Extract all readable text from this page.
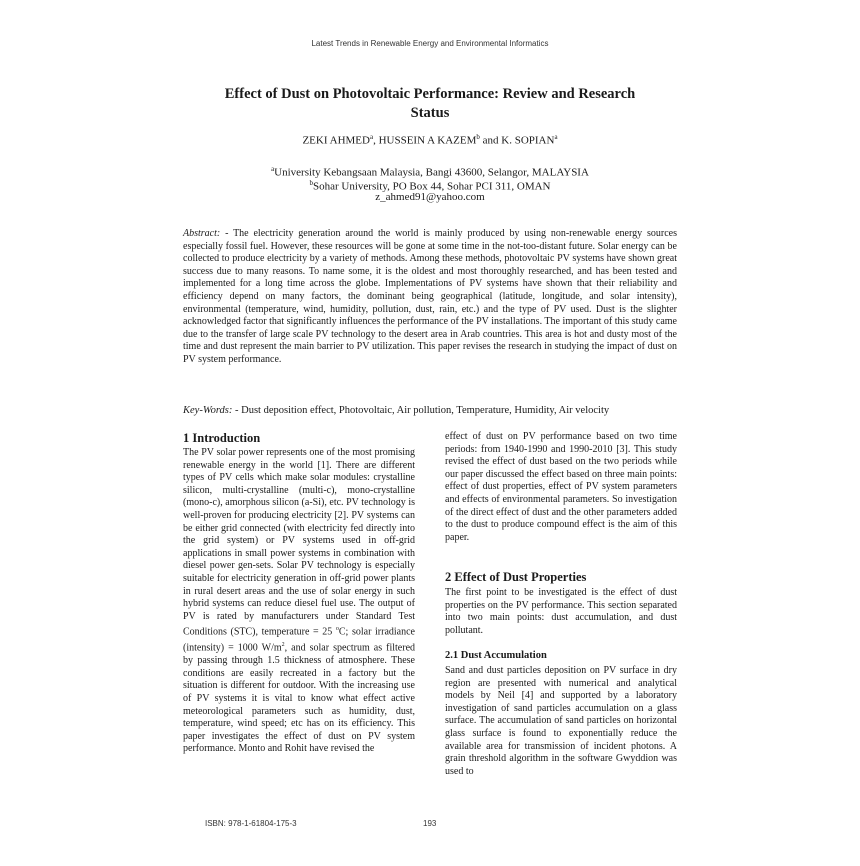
Latest Trends in Renewable Energy and Environmental Informatics
Effect of Dust on Photovoltaic Performance: Review and Research
Status
ZEKI AHMED$^a$, HUSSEIN A KAZEM$^b$ and K. SOPIAN$^a$
$^a$University Kebangsaan Malaysia, Bangi 43600, Selangor, MALAYSIA
$^b$Sohar University, PO Box 44, Sohar PCI 311, OMAN
z_ahmed91@yahoo.com
Abstract: - The electricity generation around the world is mainly produced by using non-renewable energy sources especially fossil fuel. However, these resources will be gone at some time in the not-too-distant future. Solar energy can be collected to produce electricity by a variety of methods. Among these methods, photovoltaic PV systems have shown great success due to many reasons. To name some, it is the oldest and most thoroughly researched, and has been tested and implemented for a long time across the globe. Implementations of PV systems have shown that their reliability and efficiency depend on many factors, the dominant being geographical (latitude, longitude, and solar intensity), environmental (temperature, wind, humidity, pollution, dust, rain, etc.) and the type of PV used. Dust is the slighter acknowledged factor that significantly influences the performance of the PV installations. The important of this study came due to the transfer of large scale PV technology to the desert area in Arab countries. This area is hot and dusty most of the time and dust represent the main barrier to PV utilization. This paper revises the research in studying the impact of dust on PV system performance.
Key-Words: - Dust deposition effect, Photovoltaic, Air pollution, Temperature, Humidity, Air velocity
1 Introduction
The PV solar power represents one of the most promising renewable energy in the world [1]. There are different types of PV cells which make solar modules: crystalline silicon, multi-crystalline (multi-c), mono-crystalline (mono-c), amorphous silicon (a-Si), etc. PV technology is well-proven for producing electricity [2]. PV systems can be either grid connected (with electricity fed directly into the grid system) or PV systems used in off-grid applications in small power systems in combination with diesel power gen-sets. Solar PV technology is especially suitable for electricity generation in off-grid power plants in rural desert areas and the use of solar energy in such hybrid systems can reduce diesel fuel use. The output of PV is rated by manufacturers under Standard Test Conditions (STC), temperature = 25 $^o$C; solar irradiance (intensity) = 1000 $W/m^2$, and solar spectrum as filtered by passing through 1.5 thickness of atmosphere. These conditions are easily recreated in a factory but the situation is different for outdoor. With the increasing use of PV systems it is vital to know what effect active meteorological parameters such as humidity, dust, temperature, wind speed; etc has on its efficiency. This paper investigates the effect of dust on PV system performance. Monto and Rohit have revised the
effect of dust on PV performance based on two time periods: from 1940-1990 and 1990-2010 [3]. This study revised the effect of dust based on the two periods while our paper discussed the effect based on three main points: effect of dust properties, effect of PV system parameters and effects of environmental parameters. So investigation of the direct effect of dust and the other parameters added to the dust to produce compound effect is the aim of this paper.
2 Effect of Dust Properties
The first point to be investigated is the effect of dust properties on the PV performance. This section separated into two main points: dust accumulation, and dust pollutant.
2.1 Dust Accumulation
Sand and dust particles deposition on PV surface in dry region are presented with numerical and analytical models by Neil [4] and supported by a laboratory investigation of sand particles accumulation on a glass surface. The accumulation of sand particles on horizontal glass surface is found to exponentially reduce the available area for transmission of incident photons. A grain threshold algorithm in the software Gwyddion was used to
ISBN: 978-1-61804-175-3	193
